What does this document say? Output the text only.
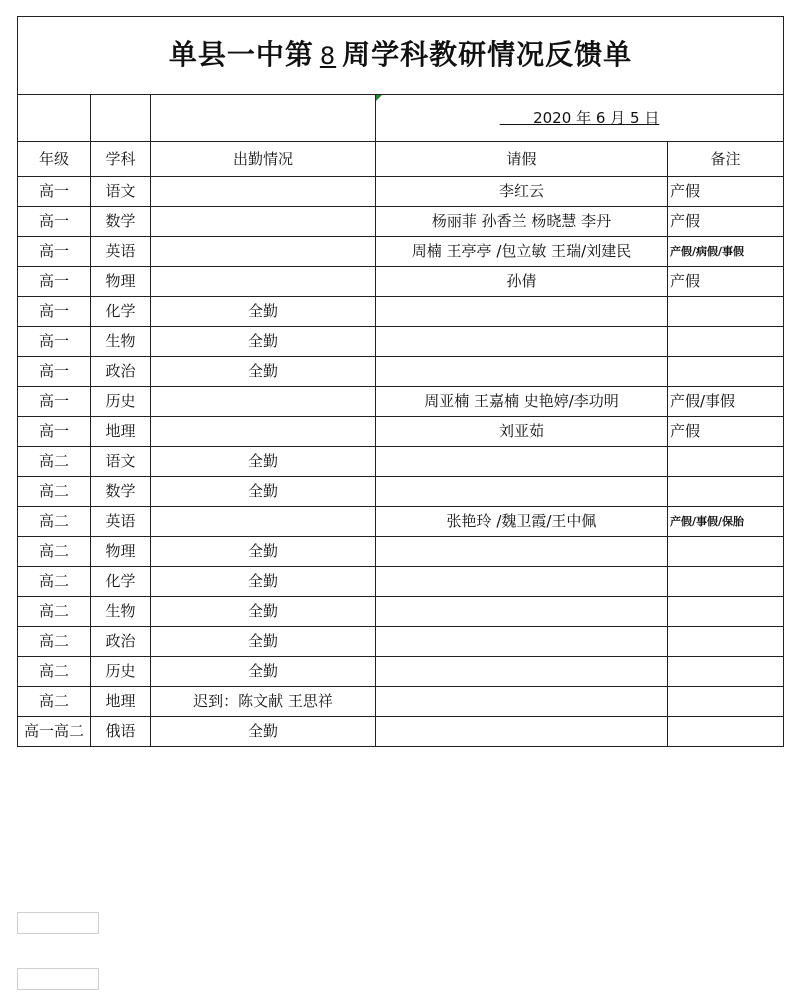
单县一中第 8 周学科教研情况反馈单				

2020 年 6 月 5 日	
年级	学科	出勤情况	请假	备注
高一	语文		李红云	产假
高一	数学		杨丽菲 孙香兰 杨晓慧 李丹	产假
高一	英语		周楠 王亭亭 /包立敏 王瑞/刘建民	产假/病假/事假
高一	物理		孙倩	产假
高一	化学	全勤		
高一	生物	全勤		
高一	政治	全勤		
高一	历史		周亚楠 王嘉楠 史艳婷/李功明	产假/事假
高一	地理		刘亚茹	产假
高二	语文	全勤		
高二	数学	全勤		
高二	英语		张艳玲 /魏卫霞/王中佩	产假/事假/保胎
高二	物理	全勤		
高二	化学	全勤		
高二	生物	全勤		
高二	政治	全勤		
高二	历史	全勤		
高二	地理	迟到：陈文献 王思祥		
高一高二	俄语	全勤		
